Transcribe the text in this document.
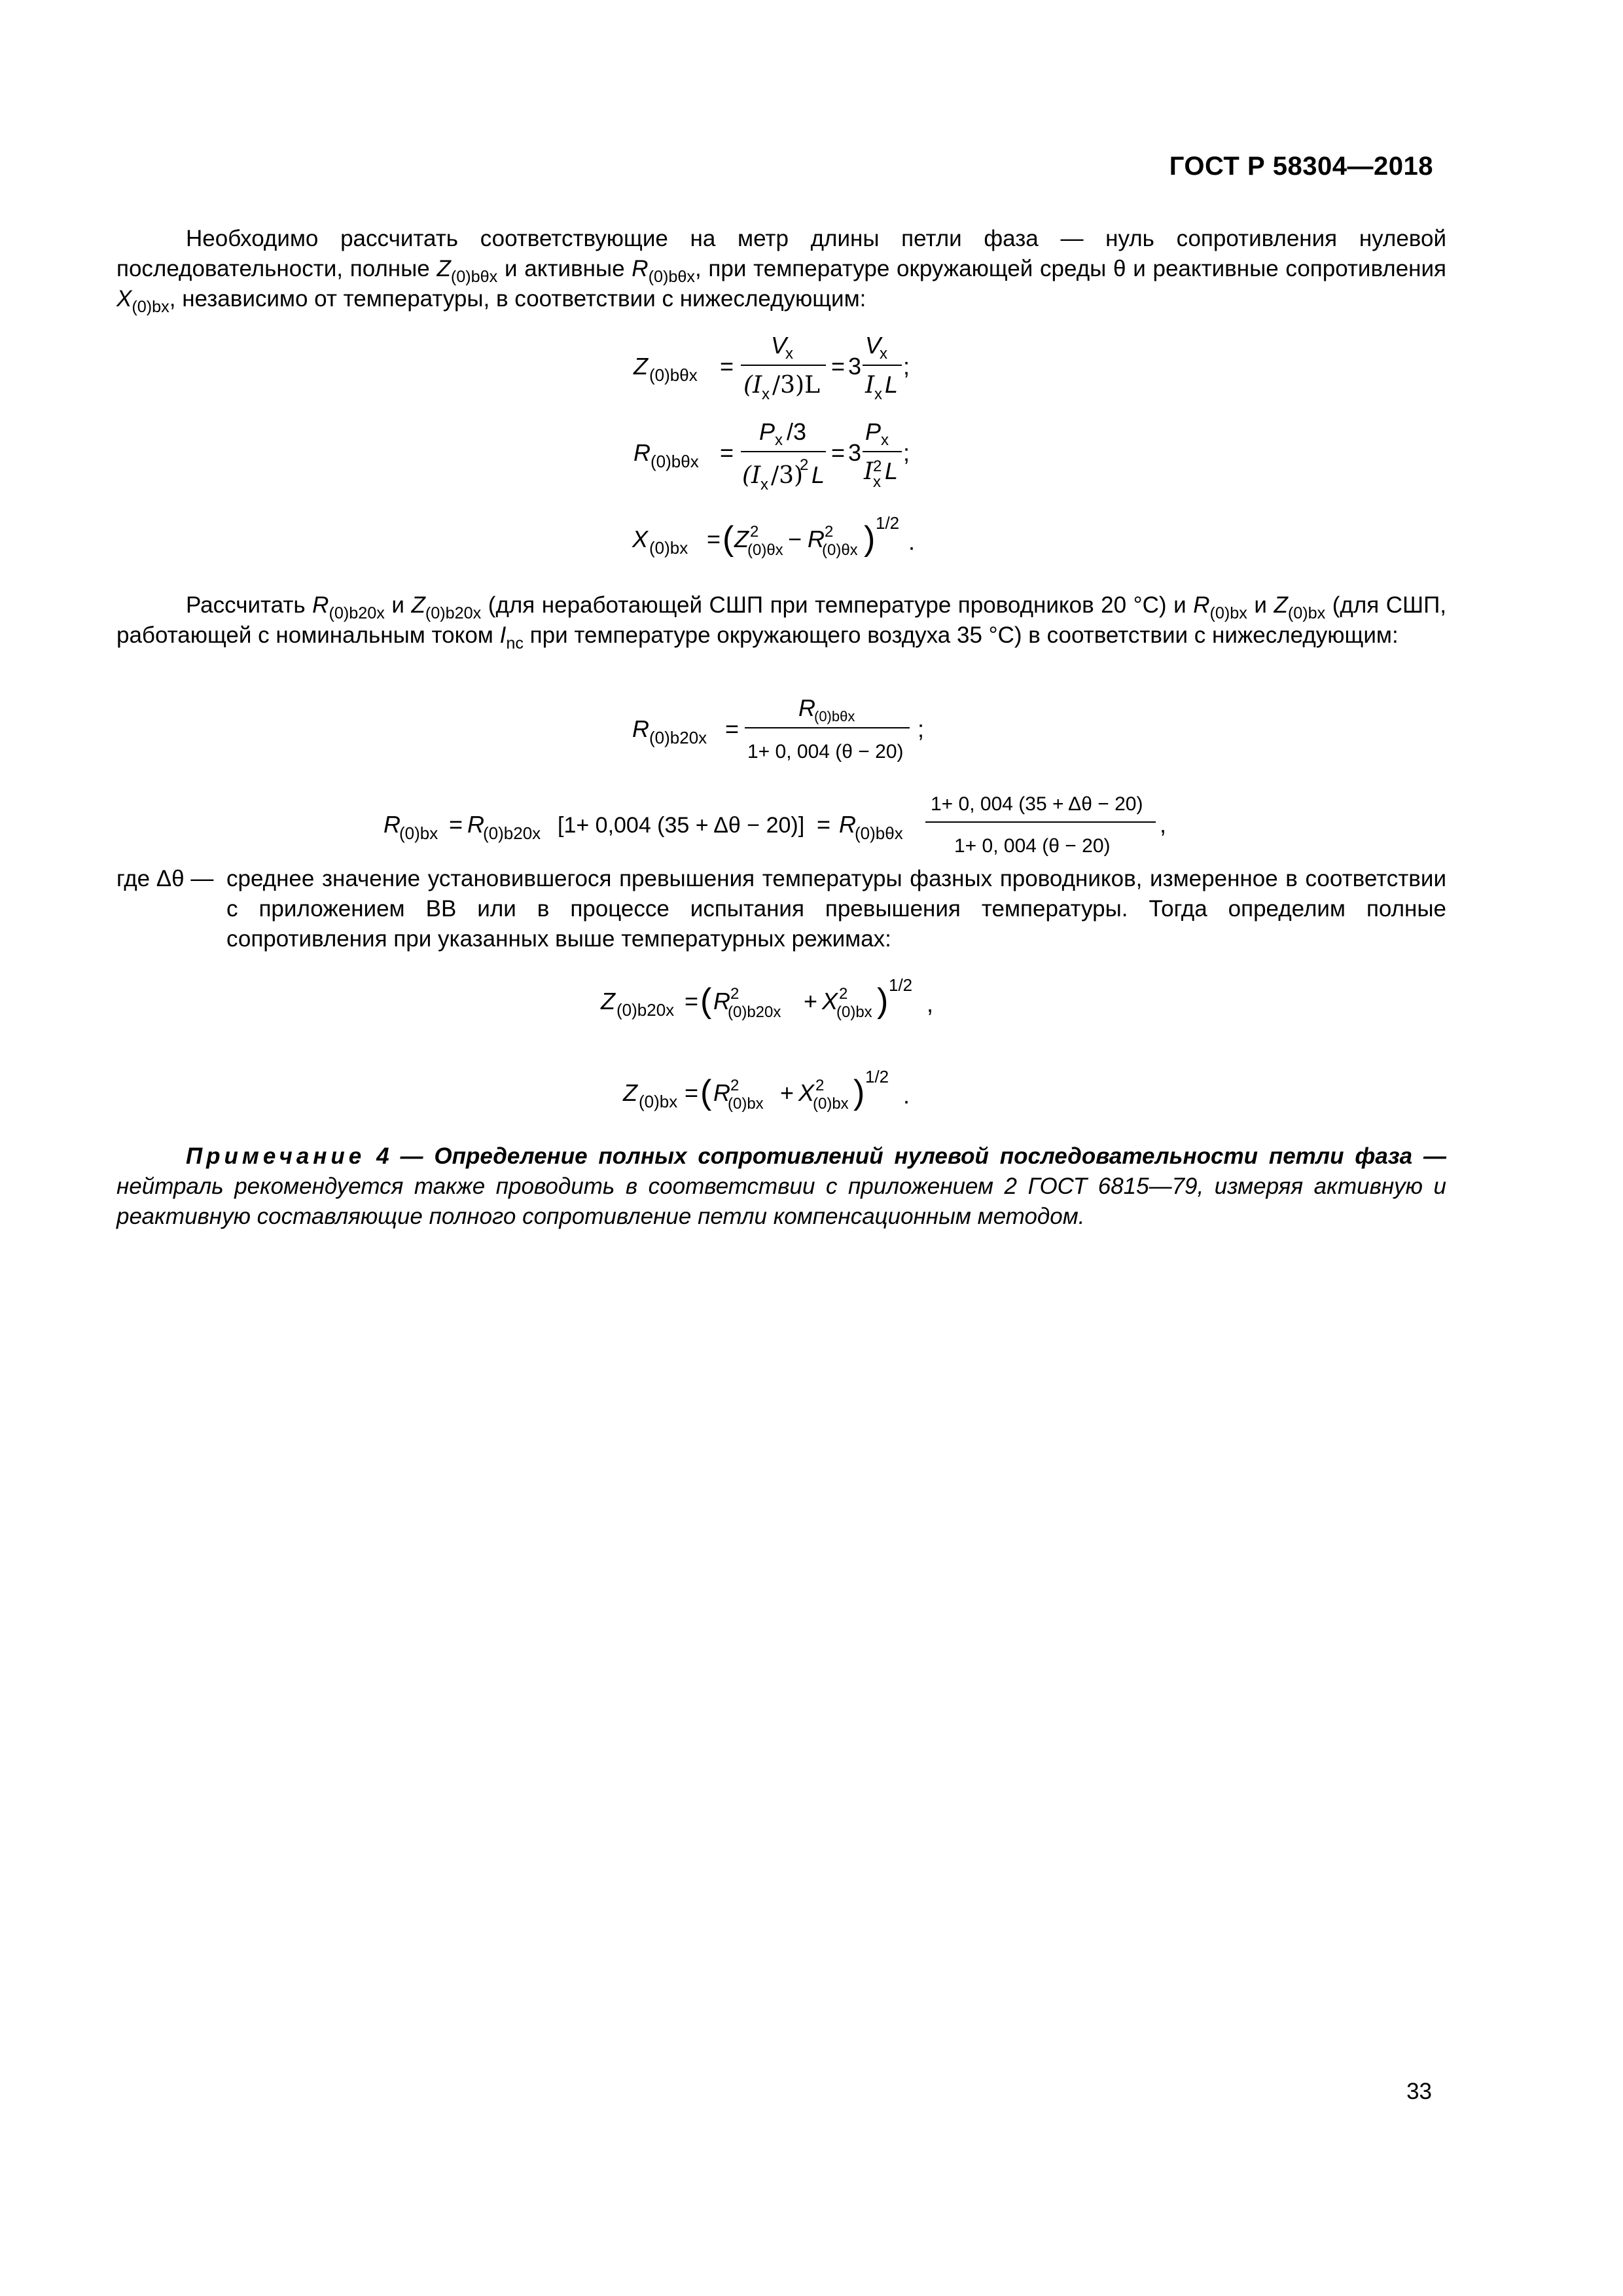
ГОСТ Р 58304—2018
Необходимо рассчитать соответствующие на метр длины петли фаза — нуль сопротивления нулевой последовательности, полные $Z_{(0)b\theta x}$ и активные $R_{(0)b\theta x}$, при температуре окружающей среды θ и реактивные сопротивления $X_{(0)bx}$, независимо от температуры, в соответствии с нижеследующим:
Z (0)bθx =
V
x
(I x /3)L
= 3
V
x
I x L
;
R (0)bθx =
P x /3
(I x /3)
2 L
= 3
P x
I 2
x L
;
X (0)bx = ( Z 2
(0)θx − R 2
(0)θx ) 1/2
.
Рассчитать $R_{(0)b20x}$ и $Z_{(0)b20x}$ (для неработающей СШП при температуре проводников 20 °С) и $R_{(0)bx}$ и $Z_{(0)bx}$ (для СШП, работающей с номинальным током $I_{nc}$ при температуре окружающего воздуха 35 °С) в соответствии с нижеследующим:
R (0)b20x =
R
(0)bθx
1+ 0, 004 (θ − 20)
;
R
(0)bx = R
(0)b20x [1+ 0,004 (35 + Δθ − 20)] = R
(0)bθx
1+ 0, 004 (35 + Δθ − 20)
1+ 0, 004 (θ − 20)
,
где Δθ — среднее значение установившегося превышения температуры фазных проводников, измеренное в соответствии с приложением ВВ или в процессе испытания превышения температуры. Тогда определим полные сопротивления при указанных выше температурных режимах:
Z (0)b20x = ( R 2
(0)b20x + X 2
(0)bx ) 1/2
,
Z (0)bx = ( R 2
(0)bx + X 2
(0)bx ) 1/2
.
Примечание 4 — Определение полных сопротивлений нулевой последовательности петли фаза — нейтраль рекомендуется также проводить в соответствии с приложением 2 ГОСТ 6815—79, измеряя активную и реактивную составляющие полного сопротивление петли компенсационным методом.
33
